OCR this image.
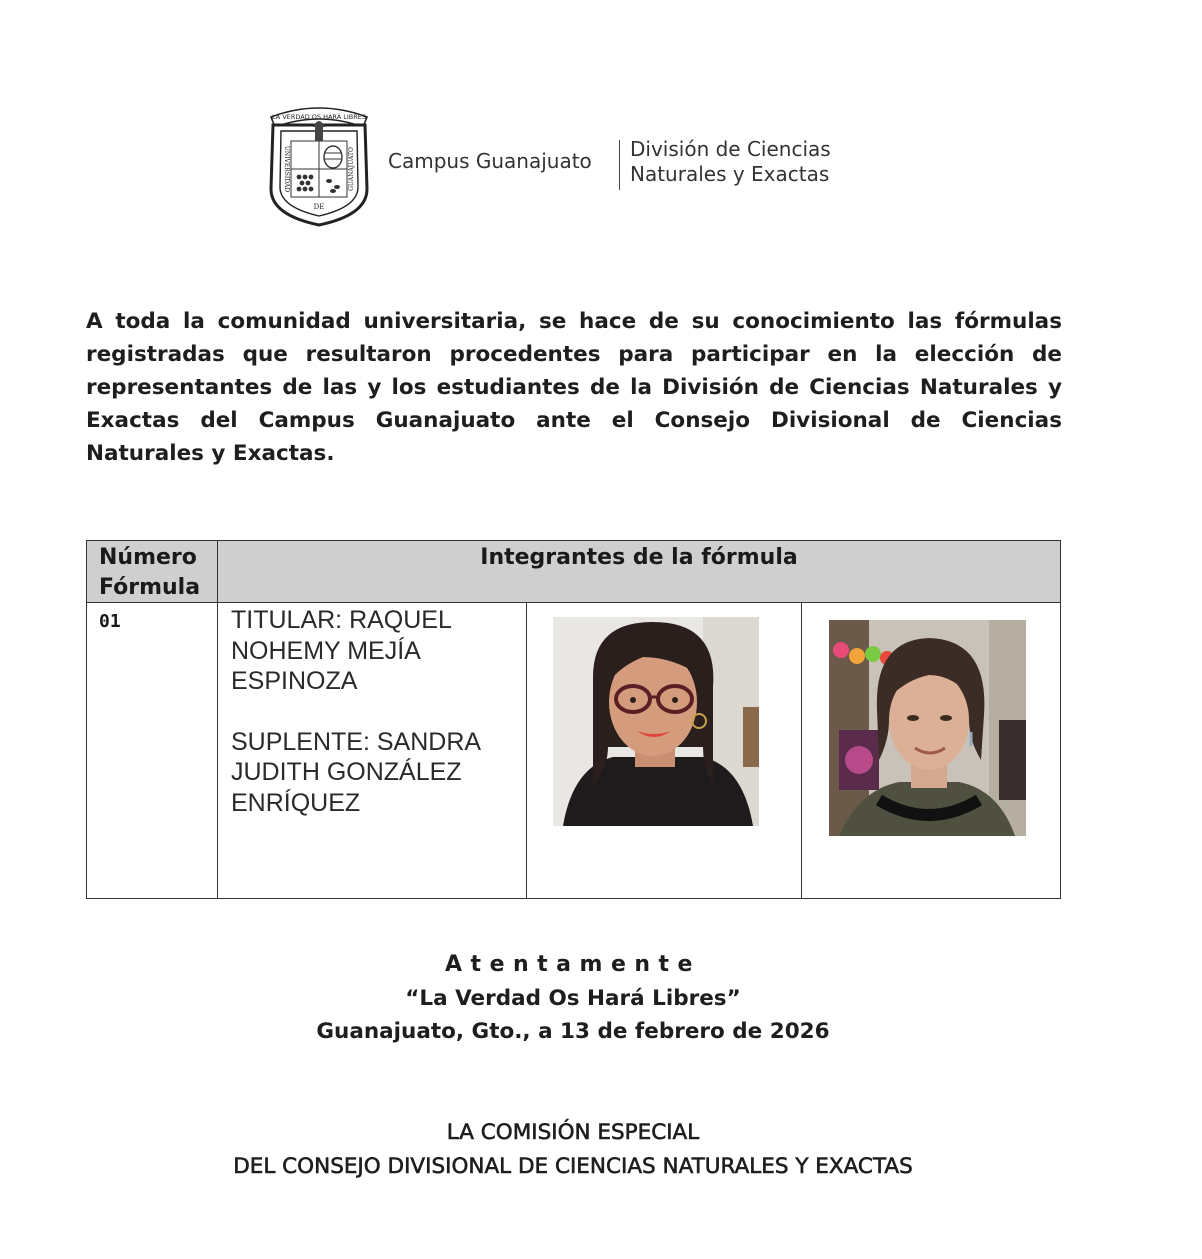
LA VERDAD OS HARÁ LIBRES
UNIVERSIDAD	GUANAJUATO
DE
Campus Guanajuato División de Ciencias
Naturales y Exactas
A toda la comunidad universitaria, se hace de su conocimiento las fórmulas registradas que resultaron procedentes para participar en la elección de representantes de las y los estudiantes de la División de Ciencias Naturales y Exactas del Campus Guanajuato ante el Consejo Divisional de Ciencias Naturales y Exactas.
Número
Fórmula
Integrantes de la fórmula
01	TITULAR: RAQUEL
NOHEMY MEJÍA
ESPINOZA
SUPLENTE: SANDRA
JUDITH GONZÁLEZ
ENRÍQUEZ
Atentamente
“La Verdad Os Hará Libres”
Guanajuato, Gto., a 13 de febrero de 2026
LA COMISIÓN ESPECIAL
DEL CONSEJO DIVISIONAL DE CIENCIAS NATURALES Y EXACTAS
